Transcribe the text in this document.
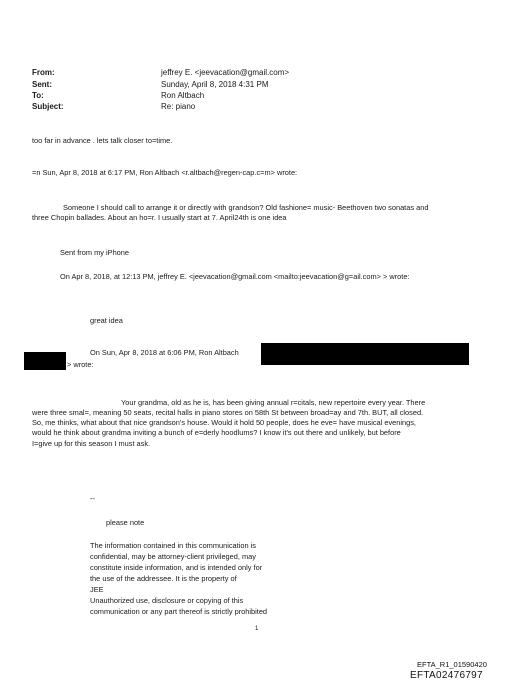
From:	jeffrey E. <jeevacation@gmail.com>
Sent:	Sunday, April 8, 2018 4:31 PM
To:	Ron Altbach
Subject:	Re: piano
too far in advance . lets talk closer to=time.
=n Sun, Apr 8, 2018 at 6:17 PM, Ron Altbach <r.altbach@regen-cap.c=m> wrote:
Someone I should call to arrange it or directly with grandson? Old fashione= music- Beethoven two sonatas and
three Chopin ballades. About an ho=r. I usually start at 7. April24th is one idea
Sent from my iPhone
On Apr 8, 2018, at 12:13 PM, jeffrey E. <jeevacation@gmail.com <mailto:jeevacation@g=ail.com> > wrote:
great idea
On Sun, Apr 8, 2018 at 6:06 PM, Ron Altbach
> wrote:
Your grandma, old as he is, has been giving annual r=citals, new repertoire every year. There
were three smal=, meaning 50 seats, recital halls in piano stores on 58th St between broad=ay and 7th. BUT, all closed.
So, me thinks, what about that nice grandson's house. Would it hold 50 people, does he eve= have musical evenings,
would he think about grandma inviting a bunch of e=derly hoodlums? I know it's out there and unlikely, but before
I=give up for this season I must ask.
--
please note
The information contained in this communication is
confidential, may be attorney-client privileged, may
constitute inside information, and is intended only for
the use of the addressee. It is the property of
JEE
Unauthorized use, disclosure or copying of this
communication or any part thereof is strictly prohibited
1
EFTA_R1_01590420
EFTA02476797
